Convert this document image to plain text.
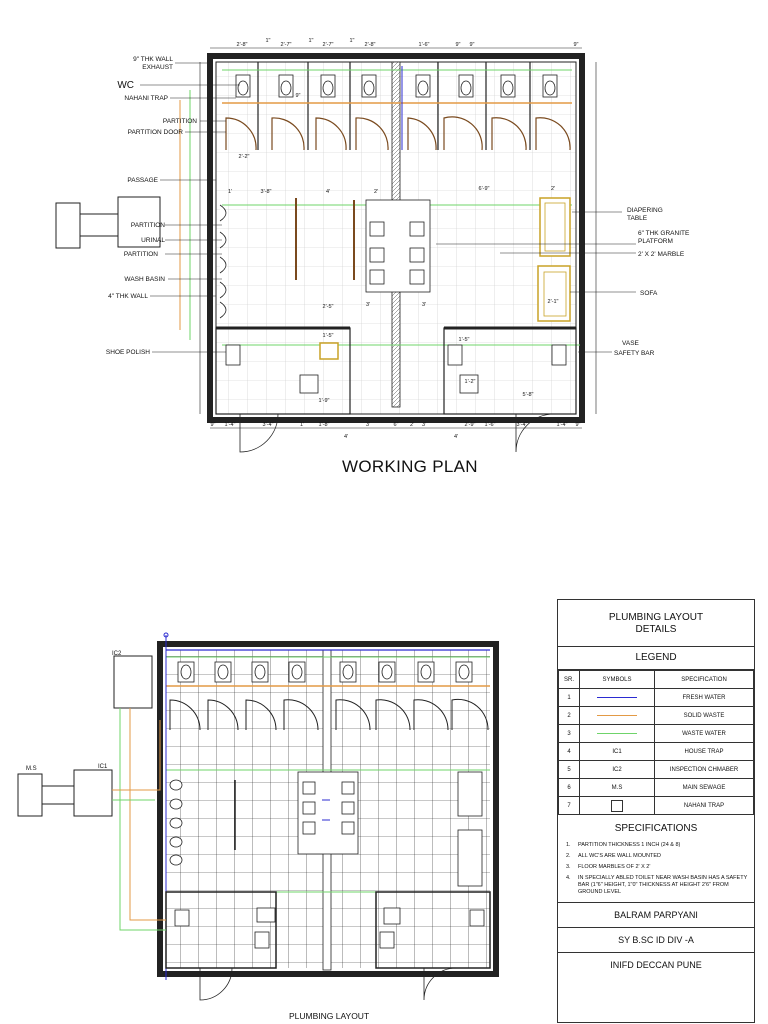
9" THK WALL
EXHAUST
WC
NAHANI TRAP
PARTITION
PARTITION DOOR
PASSAGE
PARTITION
URINAL
PARTITION
WASH BASIN
4" THK WALL
SHOE POLISH
DIAPERING
TABLE
6" THK GRANITE
PLATFORM
2' X 2' MARBLE
SOFA
VASE
SAFETY BAR
2'-8"
1"
2'-7"
1"
2'-7"
1"
2'-8"	1'-6"	9" 9"	9"
9" 1'-4"	3'-4"	1'	1'-8"	3'	6" 2' 3'	2'-9" 1'-6"	3'-4"	1'-4" 9"
1'	3'-8"	4'	2'	6'-9"	2'
1'-5"
1'-5"
2'-1"
5'-8"
1'-9"
1'-2"
3'	3'
2'-5"
2'-2"
9"
4'	4'
WORKING PLAN
IC2
IC1
M.S
PLUMBING LAYOUT
PLUMBING LAYOUT DETAILS
LEGEND
SR.	SYMBOLS	SPECIFICATION
1		FRESH WATER
2		SOLID WASTE
3		WASTE WATER
4	IC1	HOUSE TRAP
5	IC2	INSPECTION CHMABER
6	M.S	MAIN SEWAGE
7		NAHANI TRAP
SPECIFICATIONS
1. PARTITION THICKNESS 1 INCH (24 & 8)
2. ALL WC'S ARE WALL MOUNTED
3. FLOOR MARBLES OF 2' X 2'
4. IN SPECIALLY ABLED TOILET NEAR WASH BASIN HAS A SAFETY BAR (1"6" HEIGHT, 1"0" THICKNESS AT HEIGHT 2'6" FROM GROUND LEVEL
BALRAM PARPYANI
SY B.SC ID DIV -A
INIFD DECCAN PUNE
